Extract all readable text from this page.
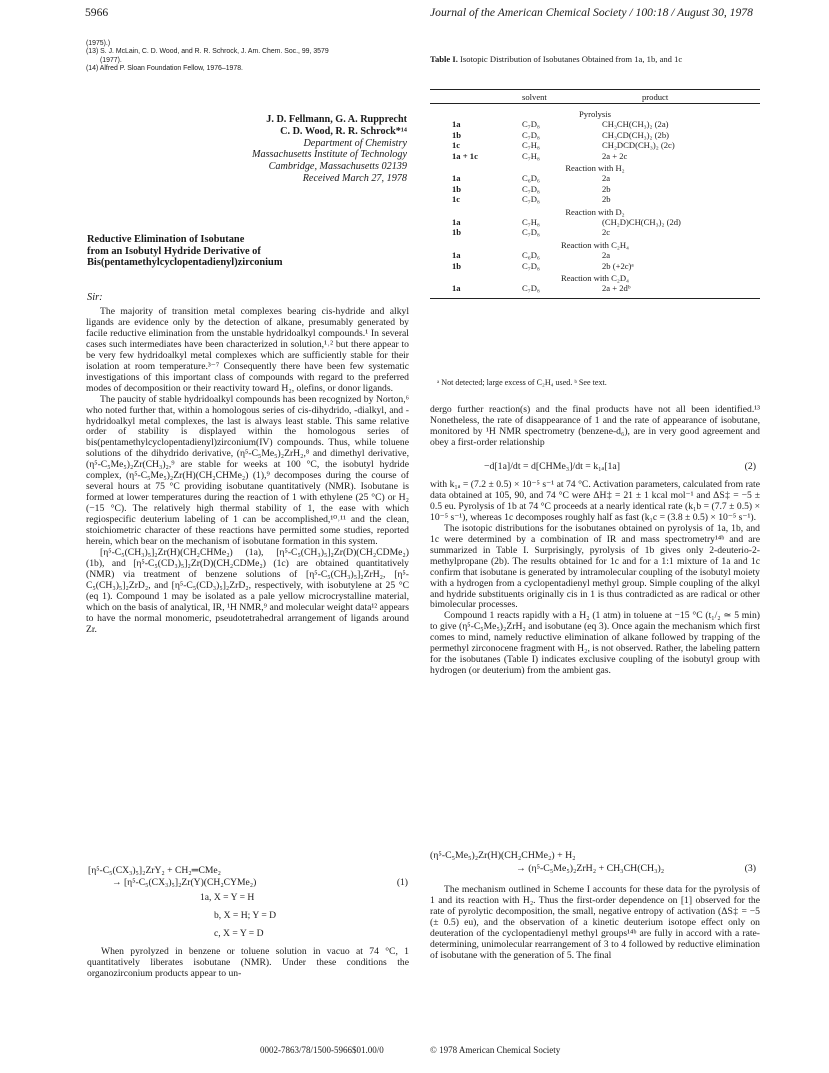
5966	Journal of the American Chemical Society / 100:18 / August 30, 1978
(1975).)
(13) S. J. McLain, C. D. Wood, and R. R. Schrock, J. Am. Chem. Soc., 99, 3579
(1977).
(14) Alfred P. Sloan Foundation Fellow, 1976–1978.
J. D. Fellmann, G. A. Rupprecht
C. D. Wood, R. R. Schrock*¹⁴
Department of Chemistry
Massachusetts Institute of Technology
Cambridge, Massachusetts 02139
Received March 27, 1978
Reductive Elimination of Isobutane
from an Isobutyl Hydride Derivative of
Bis(pentamethylcyclopentadienyl)zirconium
Sir:

The majority of transition metal complexes bearing cis-hydride and alkyl ligands are evidence only by the detection of alkane, presumably generated by facile reductive elimination from the unstable hydridoalkyl compounds.¹ In several cases such intermediates have been characterized in solution,¹˒² but there appear to be very few hydridoalkyl metal complexes which are sufficiently stable for their isolation at room temperature.³⁻⁷ Consequently there have been few systematic investigations of this important class of compounds with regard to the preferred modes of decomposition or their reactivity toward H₂, olefins, or donor ligands.

The paucity of stable hydridoalkyl compounds has been recognized by Norton,⁶ who noted further that, within a homologous series of cis-dihydrido, -dialkyl, and -hydridoalkyl metal complexes, the last is always least stable. This same relative order of stability is displayed within the homologous series of bis(pentamethylcyclopentadienyl)zirconium(IV) compounds. Thus, while toluene solutions of the dihydrido derivative, (η⁵-C₅Me₅)₂ZrH₂,⁸ and dimethyl derivative, (η⁵-C₅Me₅)₂Zr(CH₃)₂,⁹ are stable for weeks at 100 °C, the isobutyl hydride complex, (η⁵-C₅Me₅)₂Zr(H)(CH₂CHMe₂) (1),⁹ decomposes during the course of several hours at 75 °C providing isobutane quantitatively (NMR). Isobutane is formed at lower temperatures during the reaction of 1 with ethylene (25 °C) or H₂ (−15 °C). The relatively high thermal stability of 1, the ease with which regiospecific deuterium labeling of 1 can be accomplished,¹⁰˒¹¹ and the clean, stoichiometric character of these reactions have permitted some studies, reported herein, which bear on the mechanism of isobutane formation in this system.

[η⁵-C₅(CH₃)₅]₂Zr(H)(CH₂CHMe₂) (1a), [η⁵-C₅(CH₃)₅]₂Zr(D)(CH₂CDMe₂) (1b), and [η⁵-C₅(CD₃)₅]₂Zr(D)(CH₂CDMe₂) (1c) are obtained quantitatively (NMR) via treatment of benzene solutions of [η⁵-C₅(CH₃)₅]₂ZrH₂, [η⁵-C₅(CH₃)₅]₂ZrD₂, and [η⁵-C₅(CD₃)₅]₂ZrD₂, respectively, with isobutylene at 25 °C (eq 1). Compound 1 may be isolated as a pale yellow microcrystalline material, which on the basis of analytical, IR, ¹H NMR,⁹ and molecular weight data¹² appears to have the normal monomeric, pseudotetrahedral arrangement of ligands around Zr.

[η⁵-C₅(CX₃)₅]₂ZrY₂ + CH₂═CMe₂
→ [η⁵-C₅(CX₃)₅]₂Zr(Y)(CH₂CYMe₂)	(1)
1a, X = Y = H
b, X = H; Y = D
c, X = Y = D

When pyrolyzed in benzene or toluene solution in vacuo at 74 °C, 1 quantitatively liberates isobutane (NMR). Under these conditions the organozirconium products appear to un-

Table I. Isotopic Distribution of Isobutanes Obtained from 1a, 1b, and 1c
solvent	product
Pyrolysis
1a	C₇D₈	CH₃CH(CH₃)₂ (2a)
1b	C₇D₈	CH₃CD(CH₃)₂ (2b)
1c	C₇H₈	CH₂DCD(CH₃)₂ (2c)
1a + 1c	C₇H₈	2a + 2c
Reaction with H₂
1a	C₆D₆	2a
1b	C₇D₈	2b
1c	C₇D₈	2b
Reaction with D₂
1a	C₇H₈	(CH₂D)CH(CH₃)₂ (2d)
1b	C₇D₈	2c
Reaction with C₂H₄
1a	C₆D₆	2a
1b	C₇D₈	2b (+2c)ᵃ
Reaction with C₂D₄
1a	C₇D₈	2a + 2dᵇ
ᵃ Not detected; large excess of C₂H₄ used. ᵇ See text.

dergo further reaction(s) and the final products have not all been identified.¹³ Nonetheless, the rate of disappearance of 1 and the rate of appearance of isobutane, monitored by ¹H NMR spectrometry (benzene-d₆), are in very good agreement and obey a first-order relationship

−d[1a]/dt = d[CHMe₃]/dt = k₁ₐ[1a]	(2)

with k₁ₐ = (7.2 ± 0.5) × 10⁻⁵ s⁻¹ at 74 °C. Activation parameters, calculated from rate data obtained at 105, 90, and 74 °C were ΔH‡ = 21 ± 1 kcal mol⁻¹ and ΔS‡ = −5 ± 0.5 eu. Pyrolysis of 1b at 74 °C proceeds at a nearly identical rate (k₁b = (7.7 ± 0.5) × 10⁻⁵ s⁻¹), whereas 1c decomposes roughly half as fast (k₁c = (3.8 ± 0.5) × 10⁻⁵ s⁻¹).

The isotopic distributions for the isobutanes obtained on pyrolysis of 1a, 1b, and 1c were determined by a combination of IR and mass spectrometry¹⁴ᵇ and are summarized in Table I. Surprisingly, pyrolysis of 1b gives only 2-deuterio-2-methylpropane (2b). The results obtained for 1c and for a 1:1 mixture of 1a and 1c confirm that isobutane is generated by intramolecular coupling of the isobutyl moiety with a hydrogen from a cyclopentadienyl methyl group. Simple coupling of the alkyl and hydride substituents originally cis in 1 is thus contradicted as are radical or other bimolecular processes.

Compound 1 reacts rapidly with a H₂ (1 atm) in toluene at −15 °C (t₁/₂ ≃ 5 min) to give (η⁵-C₅Me₅)₂ZrH₂ and isobutane (eq 3). Once again the mechanism which first comes to mind, namely reductive elimination of alkane followed by trapping of the permethyl zirconocene fragment with H₂, is not observed. Rather, the labeling pattern for the isobutanes (Table I) indicates exclusive coupling of the isobutyl group with hydrogen (or deuterium) from the ambient gas.

(η⁵-C₅Me₅)₂Zr(H)(CH₂CHMe₂) + H₂
→ (η⁵-C₅Me₅)₂ZrH₂ + CH₃CH(CH₃)₂	(3)

The mechanism outlined in Scheme I accounts for these data for the pyrolysis of 1 and its reaction with H₂. Thus the first-order dependence on [1] observed for the rate of pyrolytic decomposition, the small, negative entropy of activation (ΔS‡ = −5 (± 0.5) eu), and the observation of a kinetic deuterium isotope effect only on deuteration of the cyclopentadienyl methyl groups¹⁴ᵇ are fully in accord with a rate-determining, unimolecular rearrangement of 3 to 4 followed by reductive elimination of isobutane with the generation of 5. The final

0002-7863/78/1500-5966$01.00/0	© 1978 American Chemical Society
